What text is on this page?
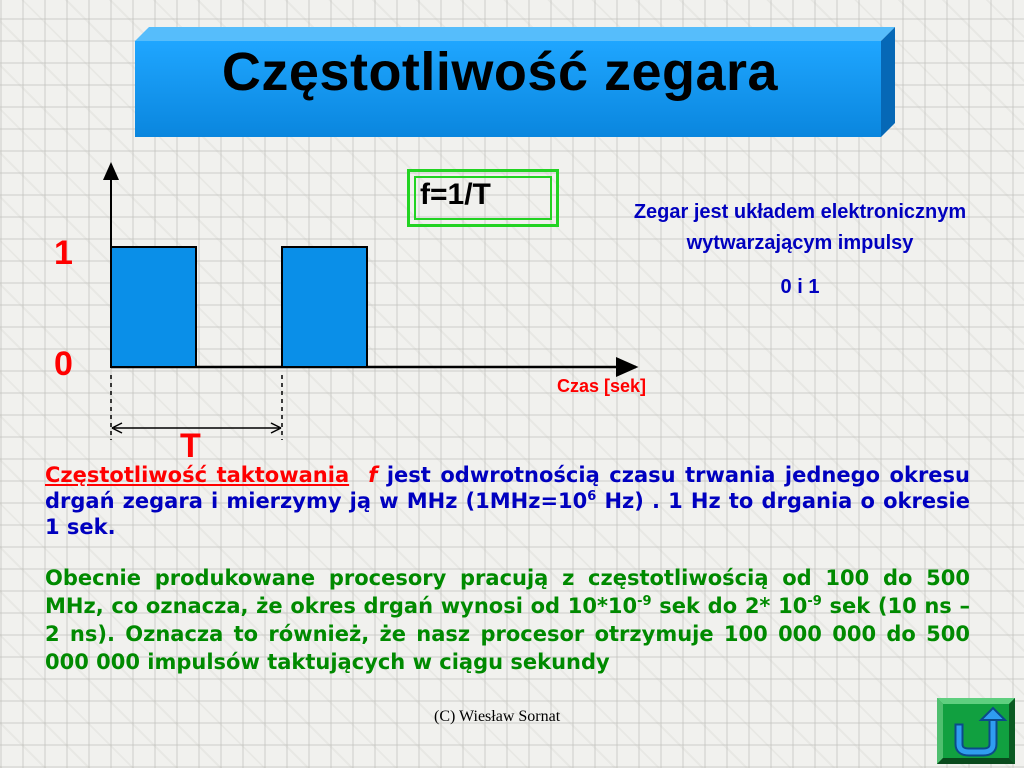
Częstotliwość zegara
1
0
Czas [sek]
T
f=1/T
Zegar jest układem elektronicznym wytwarzającym impulsy
0 i 1
Częstotliwość taktowania f jest odwrotnością czasu trwania jednego okresu drgań zegara i mierzymy ją w MHz ($1MHz=10^6$ Hz) . 1 Hz to drgania o okresie 1 sek.
Obecnie produkowane procesory pracują z częstotliwością od 100 do 500 MHz, co oznacza, że okres drgań wynosi od $10*10^{-9}$ sek do 2* $10^{-9}$ sek (10 ns – 2 ns). Oznacza to również, że nasz procesor otrzymuje 100 000 000 do 500 000 000 impulsów taktujących w ciągu sekundy
(C) Wiesław Sornat
